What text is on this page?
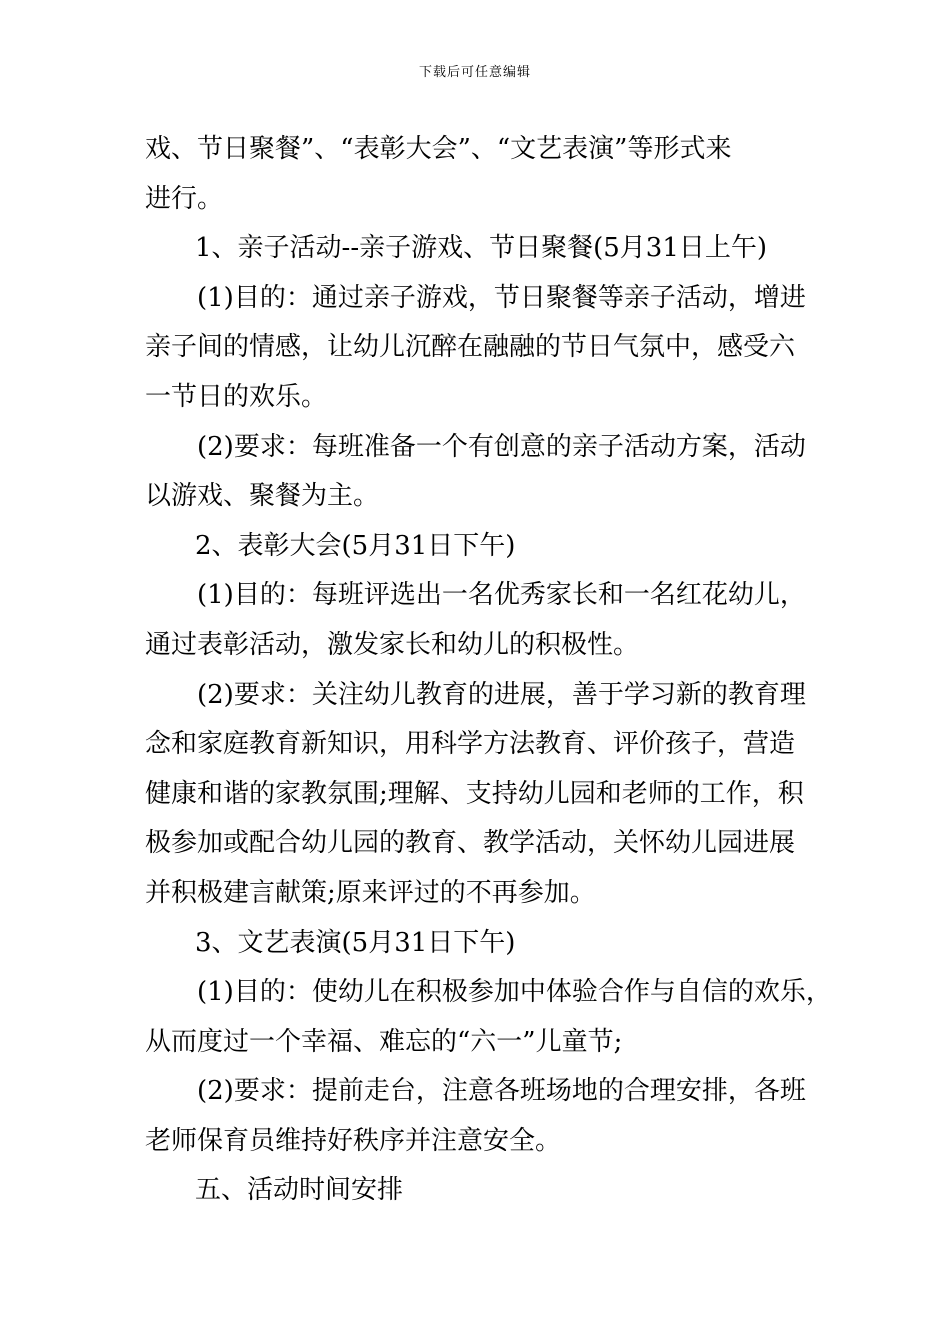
下载后可任意编辑
戏、节日聚餐”、“表彰大会”、“文艺表演”等形式来
进行。
1、亲子活动--亲子游戏、节日聚餐(5月31日上午)
(1)目的：通过亲子游戏，节日聚餐等亲子活动，增进
亲子间的情感，让幼儿沉醉在融融的节日气氛中，感受六
一节日的欢乐。
(2)要求：每班准备一个有创意的亲子活动方案，活动
以游戏、聚餐为主。
2、表彰大会(5月31日下午)
(1)目的：每班评选出一名优秀家长和一名红花幼儿，
通过表彰活动，激发家长和幼儿的积极性。
(2)要求：关注幼儿教育的进展，善于学习新的教育理
念和家庭教育新知识，用科学方法教育、评价孩子，营造
健康和谐的家教氛围;理解、支持幼儿园和老师的工作，积
极参加或配合幼儿园的教育、教学活动，关怀幼儿园进展
并积极建言献策;原来评过的不再参加。
3、文艺表演(5月31日下午)
(1)目的：使幼儿在积极参加中体验合作与自信的欢乐，
从而度过一个幸福、难忘的“六一”儿童节;
(2)要求：提前走台，注意各班场地的合理安排，各班
老师保育员维持好秩序并注意安全。
五、活动时间安排
